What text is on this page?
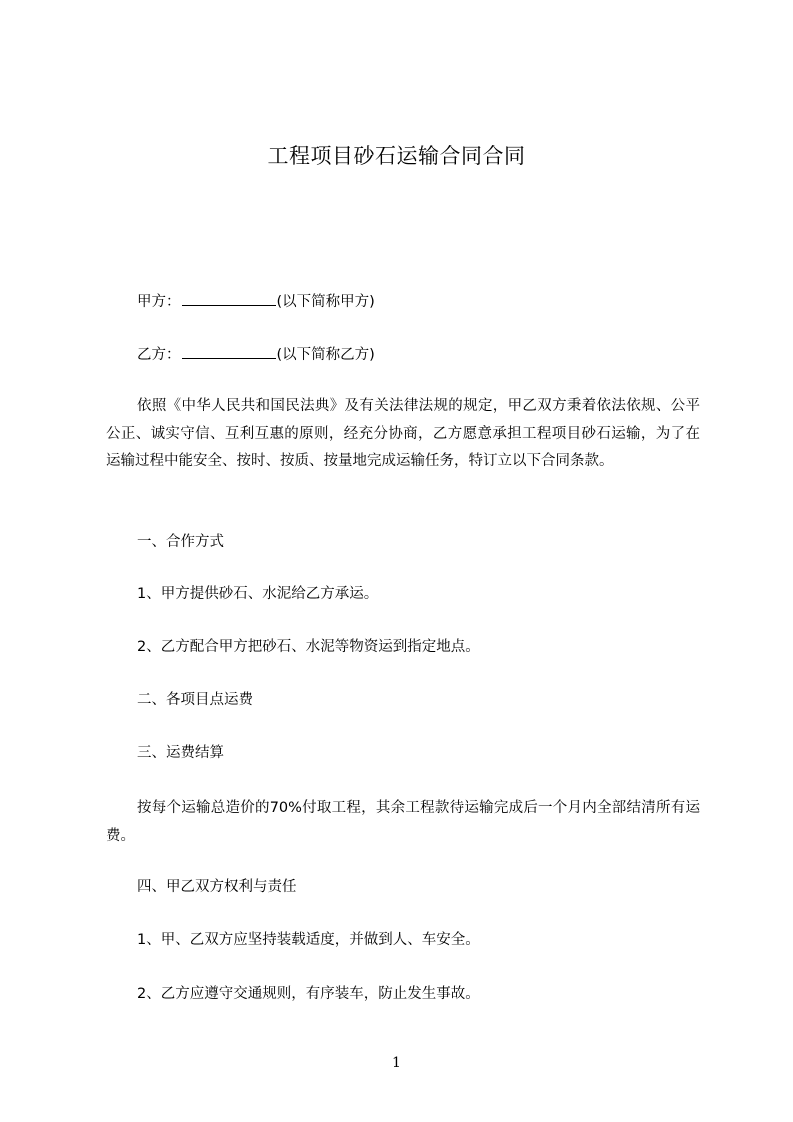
工程项目砂石运输合同合同
甲方：	(以下简称甲方)
乙方：	(以下简称乙方)
依照《中华人民共和国民法典》及有关法律法规的规定，甲乙双方秉着依法依规、公平公正、诚实守信、互利互惠的原则，经充分协商，乙方愿意承担工程项目砂石运输，为了在运输过程中能安全、按时、按质、按量地完成运输任务，特订立以下合同条款。
一、合作方式
1、甲方提供砂石、水泥给乙方承运。
2、乙方配合甲方把砂石、水泥等物资运到指定地点。
二、各项目点运费
三、运费结算
按每个运输总造价的70%付取工程，其余工程款待运输完成后一个月内全部结清所有运费。
四、甲乙双方权利与责任
1、甲、乙双方应坚持装载适度，并做到人、车安全。
2、乙方应遵守交通规则，有序装车，防止发生事故。
1
